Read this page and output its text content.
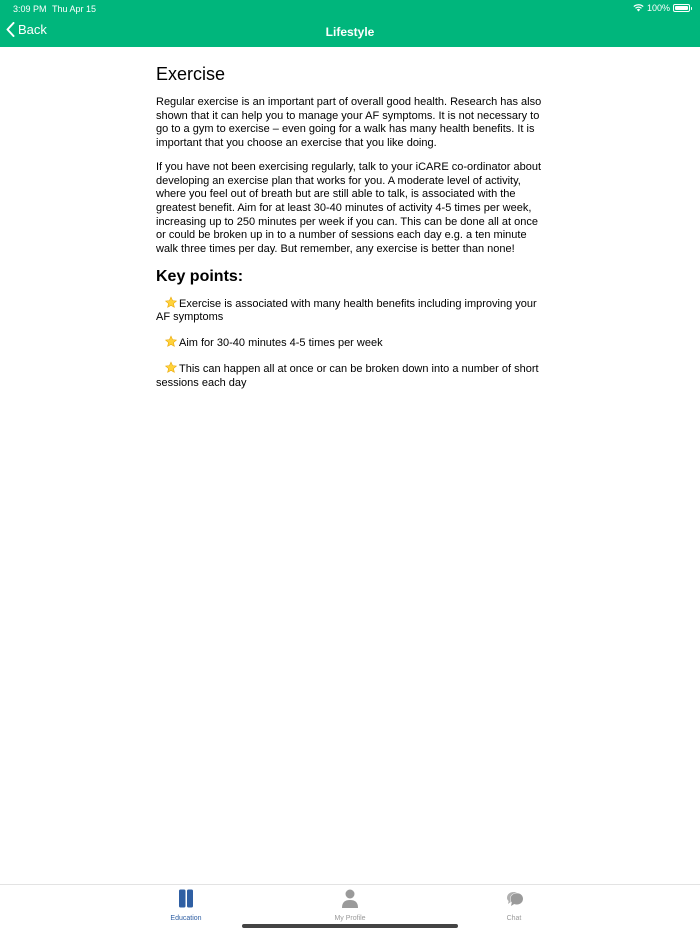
3:09 PM Thu Apr 15	100%
Back	Lifestyle
Exercise

Regular exercise is an important part of overall good health. Research has also shown that it can help you to manage your AF symptoms. It is not necessary to go to a gym to exercise – even going for a walk has many health benefits. It is important that you choose an exercise that you like doing.

If you have not been exercising regularly, talk to your iCARE co-ordinator about developing an exercise plan that works for you. A moderate level of activity, where you feel out of breath but are still able to talk, is associated with the greatest benefit. Aim for at least 30-40 minutes of activity 4-5 times per week, increasing up to 250 minutes per week if you can. This can be done all at once or could be broken up in to a number of sessions each day e.g. a ten minute walk three times per day. But remember, any exercise is better than none!

Key points:

Exercise is associated with many health benefits including improving your AF symptoms

Aim for 30-40 minutes 4-5 times per week

This can happen all at once or can be broken down into a number of short sessions each day

Education	My Profile	Chat
